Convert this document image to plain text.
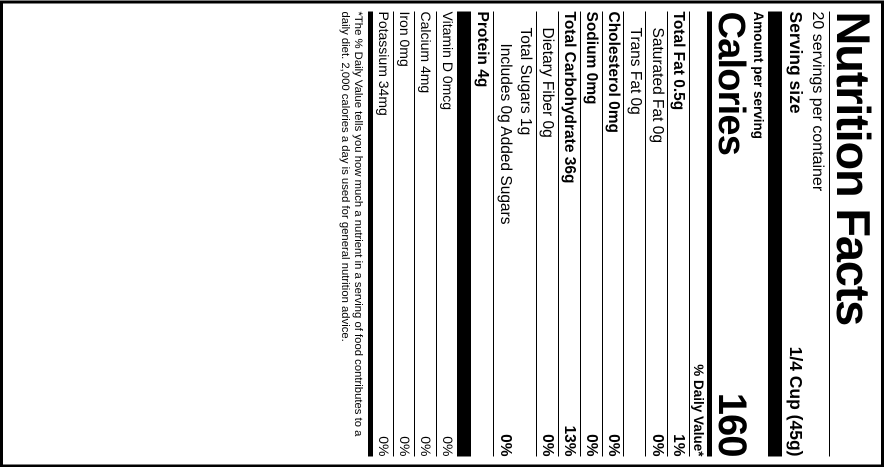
Nutrition Facts
20 servings per container
Serving size
1/4 Cup (45g)
Amount per serving
Calories
160
% Daily Value*
Total Fat 0.5g
1%
Saturated Fat 0g
0%
Trans Fat 0g
Cholesterol 0mg
0%
Sodium 0mg
0%
Total Carbohydrate 36g
13%
Dietary Fiber 0g
0%
Total Sugars 1g
Includes 0g Added Sugars
0%
Protein 4g
Vitamin D 0mcg
0%
Calcium 4mg
0%
Iron 0mg
0%
Potassium 34mg
0%
*The % Daily Value tells you how much a nutrient in a serving of food contributes to a daily diet. 2,000 calories a day is used for general nutrition advice.
